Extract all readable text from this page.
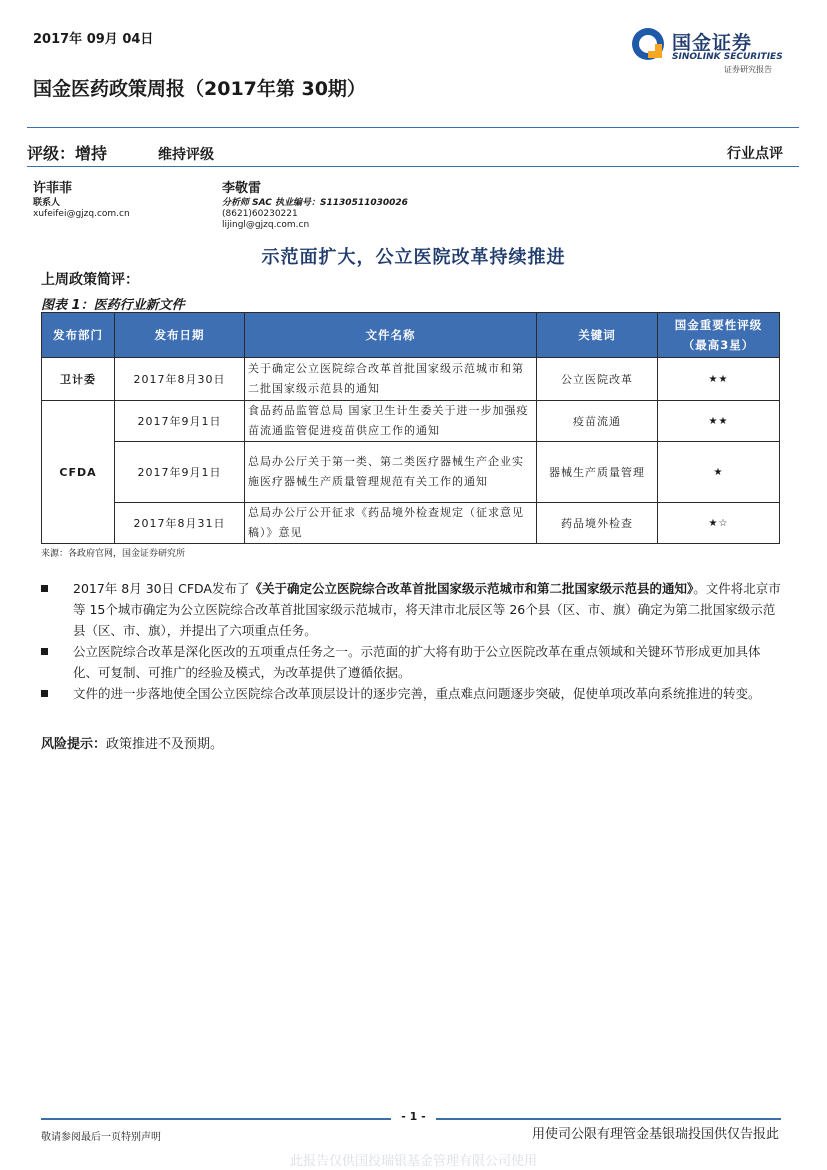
2017年 09月 04日	国金证券
SINOLINK SECURITIES
证券研究报告
国金医药政策周报（2017年第 30期）
评级：增持	维持评级	行业点评
许菲菲
联系人
xufeifei@gjzq.com.cn
李敬雷
分析师 SAC 执业编号：S1130511030026
(8621)60230221
lijingl@gjzq.com.cn
示范面扩大，公立医院改革持续推进
上周政策简评：
图表 1：医药行业新文件
发布部门	发布日期	文件名称	关键词	国金重要性评级
（最高3星）

卫计委	2017年8月30日	关于确定公立医院综合改革首批国家级示范城市和第二批国家级示范县的通知	公立医院改革	★★
CFDA	2017年9月1日	食品药品监管总局 国家卫生计生委关于进一步加强疫苗流通监管促进疫苗供应工作的通知	疫苗流通	★★
	2017年9月1日	总局办公厅关于第一类、第二类医疗器械生产企业实施医疗器械生产质量管理规范有关工作的通知	器械生产质量管理	★
	2017年8月31日	总局办公厅公开征求《药品境外检查规定（征求意见稿）》意见	药品境外检查	★☆
来源：各政府官网，国金证券研究所
2017年 8月 30日 CFDA发布了《关于确定公立医院综合改革首批国家级示范城市和第二批国家级示范县的通知》。文件将北京市等 15个城市确定为公立医院综合改革首批国家级示范城市，将天津市北辰区等 26个县（区、市、旗）确定为第二批国家级示范县（区、市、旗），并提出了六项重点任务。
公立医院综合改革是深化医改的五项重点任务之一。示范面的扩大将有助于公立医院改革在重点领域和关键环节形成更加具体化、可复制、可推广的经验及模式，为改革提供了遵循依据。
文件的进一步落地使全国公立医院综合改革顶层设计的逐步完善，重点难点问题逐步突破，促使单项改革向系统推进的转变。
风险提示：政策推进不及预期。
- 1 -
敬请参阅最后一页特别声明	用使司公限有理管金基银瑞投国供仅告报此
此报告仅供国投瑞银基金管理有限公司使用
